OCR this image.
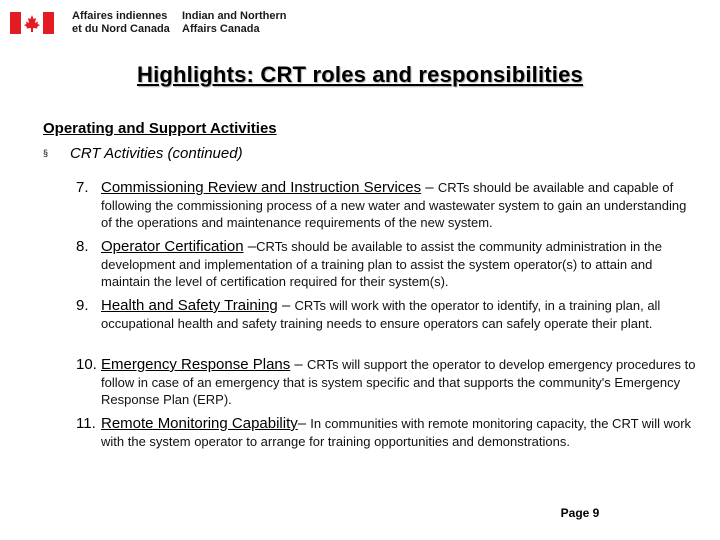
Affaires indiennes
et du Nord Canada
Indian and Northern
Affairs Canada
Highlights: CRT roles and responsibilities
Operating and Support Activities
§ CRT Activities (continued)
7. Commissioning Review and Instruction Services – CRTs should be available and capable of following the commissioning process of a new water and wastewater system to gain an understanding of the operations and maintenance requirements of the new system.
8. Operator Certification –CRTs should be available to assist the community administration in the development and implementation of a training plan to assist the system operator(s) to attain and maintain the level of certification required for their system(s).
9. Health and Safety Training – CRTs will work with the operator to identify, in a training plan, all occupational health and safety training needs to ensure operators can safely operate their plant.
10. Emergency Response Plans – CRTs will support the operator to develop emergency procedures to follow in case of an emergency that is system specific and that supports the community's Emergency Response Plan (ERP).
11. Remote Monitoring Capability– In communities with remote monitoring capacity, the CRT will work with the system operator to arrange for training opportunities and demonstrations.
Page 9
